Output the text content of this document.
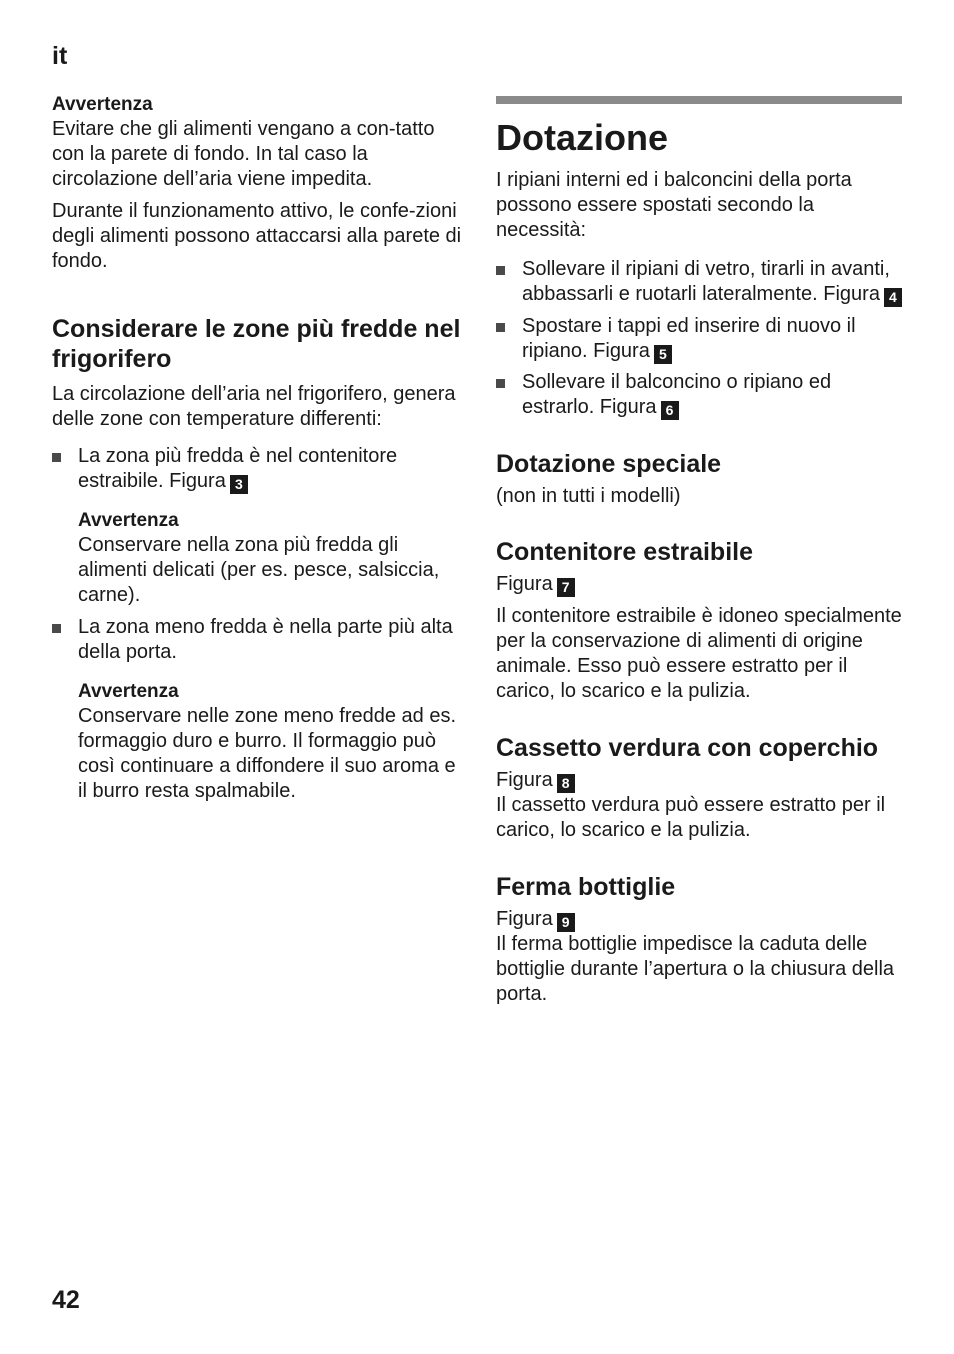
it
Avvertenza

Evitare che gli alimenti vengano a con-tatto con la parete di fondo. In tal caso la circolazione dell’aria viene impedita.

Durante il funzionamento attivo, le confe-zioni degli alimenti possono attaccarsi alla parete di fondo.

Considerare le zone più fredde nel frigorifero

La circolazione dell’aria nel frigorifero, genera delle zone con temperature differenti:

La zona più fredda è nel contenitore estraibile. Figura 3
Avvertenza

Conservare nella zona più fredda gli alimenti delicati (per es. pesce, salsiccia, carne).

La zona meno fredda è nella parte più alta della porta.
Avvertenza

Conservare nelle zone meno fredde ad es. formaggio duro e burro. Il formaggio può così continuare a diffondere il suo aroma e il burro resta spalmabile.

Dotazione

I ripiani interni ed i balconcini della porta possono essere spostati secondo la necessità:

Sollevare il ripiani di vetro, tirarli in avanti, abbassarli e ruotarli lateralmente. Figura 4
Spostare i tappi ed inserire di nuovo il ripiano. Figura 5
Sollevare il balconcino o ripiano ed estrarlo. Figura 6
Dotazione speciale

(non in tutti i modelli)

Contenitore estraibile

Figura 7

Il contenitore estraibile è idoneo specialmente per la conservazione di alimenti di origine animale. Esso può essere estratto per il carico, lo scarico e la pulizia.

Cassetto verdura con coperchio

Figura 8

Il cassetto verdura può essere estratto per il carico, lo scarico e la pulizia.

Ferma bottiglie

Figura 9

Il ferma bottiglie impedisce la caduta delle bottiglie durante l’apertura o la chiusura della porta.

42
